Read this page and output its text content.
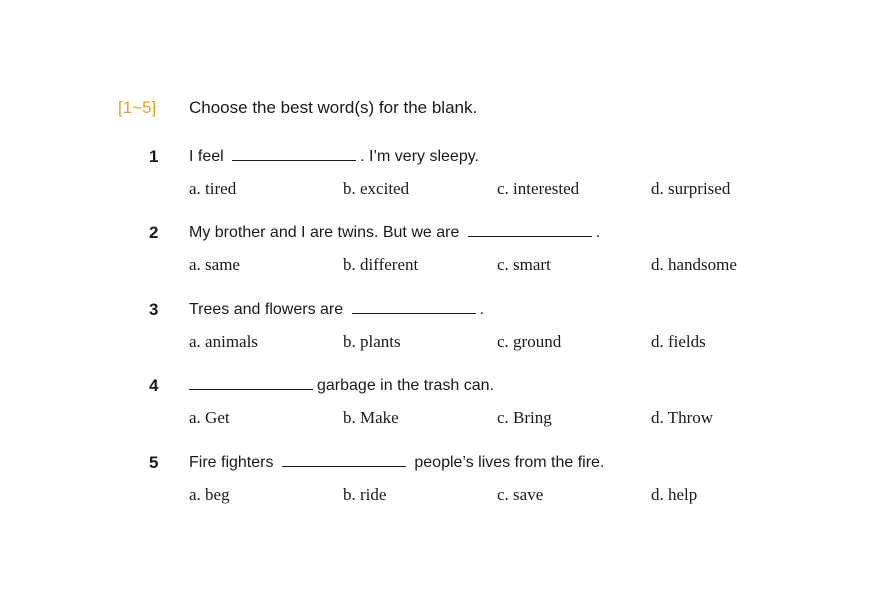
[1~5] Choose the best word(s) for the blank.
1 I feel	. I’m very sleepy.
a. tired	b. excited	c. interested	d. surprised
2 My brother and I are twins. But we are	.
a. same	b. different	c. smart	d. handsome
3 Trees and flowers are	.
a. animals	b. plants	c. ground	d. fields
4	garbage in the trash can.
a. Get	b. Make	c. Bring	d. Throw
5 Fire fighters	people’s lives from the fire.
a. beg	b. ride	c. save	d. help
